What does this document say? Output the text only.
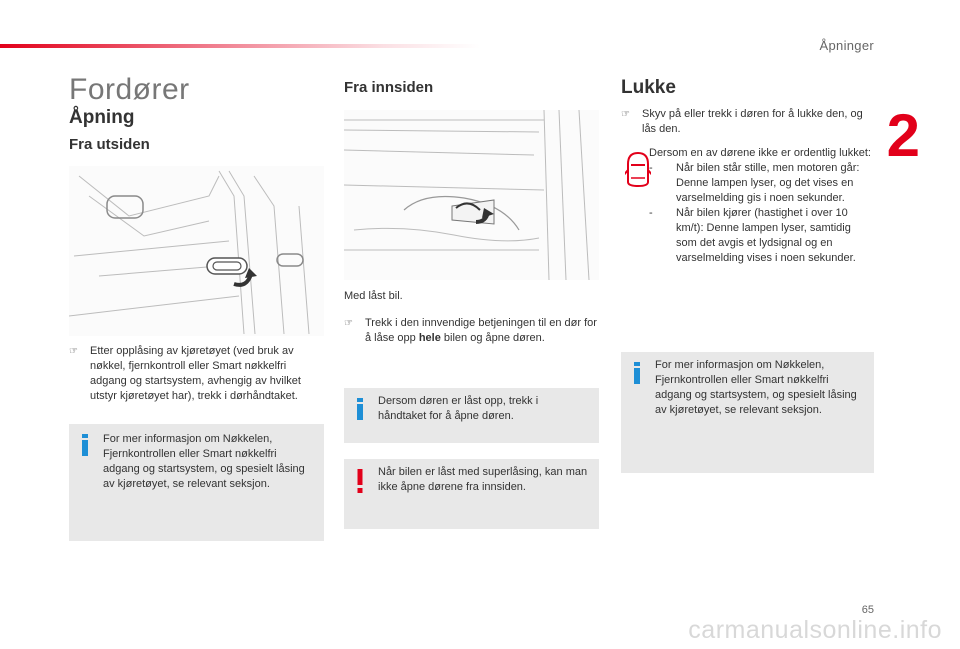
Åpninger
2
65
carmanualsonline.info
Fordører
Åpning
Fra utsiden
☞	Etter opplåsing av kjøretøyet (ved bruk av nøkkel, fjernkontroll eller Smart nøkkelfri adgang og startsystem, avhengig av hvilket utstyr kjøretøyet har), trekk i dørhåndtaket.
For mer informasjon om Nøkkelen, Fjernkontrollen eller Smart nøkkelfri adgang og startsystem, og spesielt låsing av kjøretøyet, se relevant seksjon.
Fra innsiden

Med låst bil.

☞	Trekk i den innvendige betjeningen til en dør for å låse opp hele bilen og åpne døren.
Dersom døren er låst opp, trekk i håndtaket for å åpne døren.
Når bilen er låst med superlåsing, kan man ikke åpne dørene fra innsiden.
Lukke
☞	Skyv på eller trekk i døren for å lukke den, og lås den.
Dersom en av dørene ikke er ordentlig lukket:
-	Når bilen står stille, men motoren går: Denne lampen lyser, og det vises en varselmelding gis i noen sekunder.
-	Når bilen kjører (hastighet i over 10 km/t): Denne lampen lyser, samtidig som det avgis et lydsignal og en varselmelding vises i noen sekunder.
For mer informasjon om Nøkkelen, Fjernkontrollen eller Smart nøkkelfri adgang og startsystem, og spesielt låsing av kjøretøyet, se relevant seksjon.
